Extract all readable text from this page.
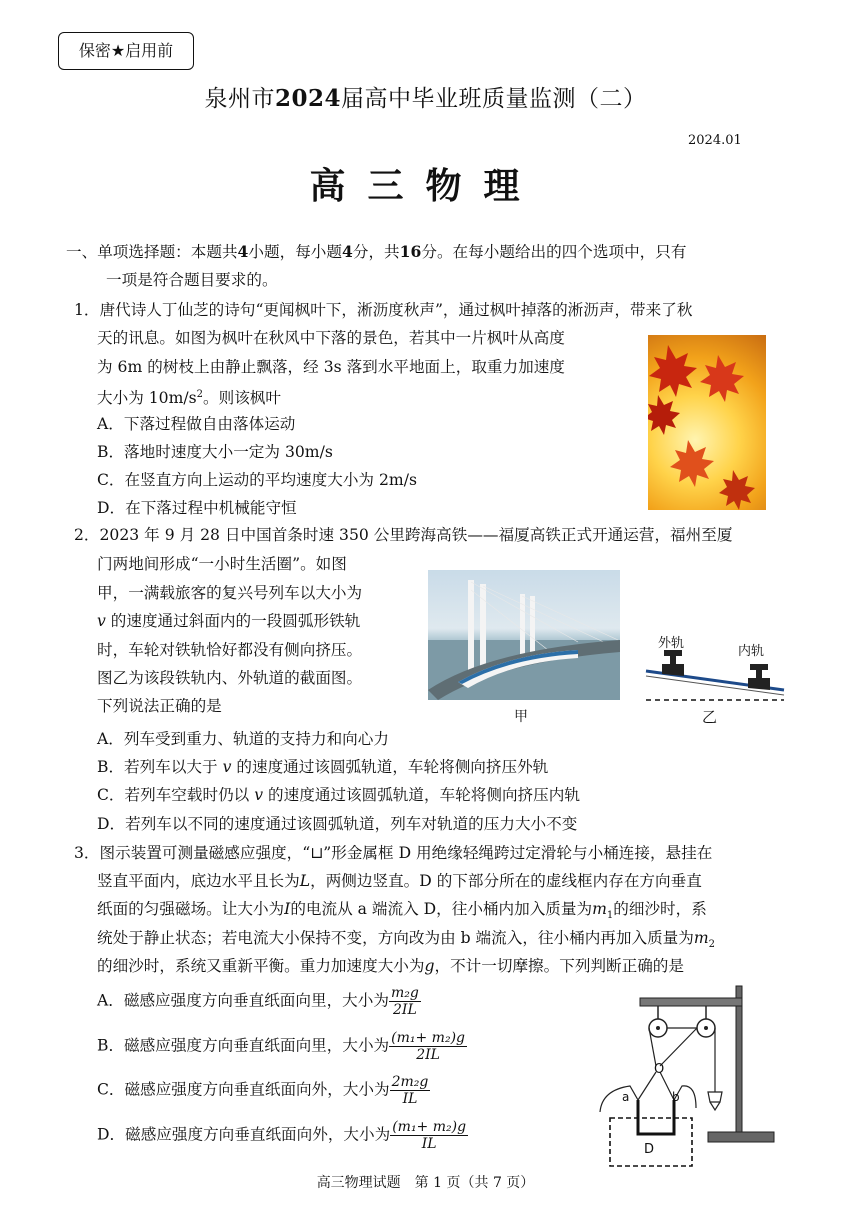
保密★启用前
泉州市2024届高中毕业班质量监测（二）
2024.01
高三物理
一、单项选择题：本题共4小题，每小题4分，共16分。在每小题给出的四个选项中，只有
一项是符合题目要求的。
1．唐代诗人丁仙芝的诗句“更闻枫叶下，淅沥度秋声”，通过枫叶掉落的淅沥声，带来了秋
天的讯息。如图为枫叶在秋风中下落的景色，若其中一片枫叶从高度
为 6m 的树枝上由静止飘落，经 3s 落到水平地面上，取重力加速度
大小为 $10m/s^2$。则该枫叶
A．下落过程做自由落体运动
B．落地时速度大小一定为 30m/s
C．在竖直方向上运动的平均速度大小为 2m/s
D．在下落过程中机械能守恒
2．2023 年 9 月 28 日中国首条时速 350 公里跨海高铁——福厦高铁正式开通运营，福州至厦
门两地间形成“一小时生活圈”。如图
甲，一满载旅客的复兴号列车以大小为
v 的速度通过斜面内的一段圆弧形铁轨
时，车轮对铁轨恰好都没有侧向挤压。
图乙为该段铁轨内、外轨道的截面图。
下列说法正确的是
甲
外轨
内轨
乙
A．列车受到重力、轨道的支持力和向心力
B．若列车以大于 v 的速度通过该圆弧轨道，车轮将侧向挤压外轨
C．若列车空载时仍以 v 的速度通过该圆弧轨道，车轮将侧向挤压内轨
D．若列车以不同的速度通过该圆弧轨道，列车对轨道的压力大小不变
3．图示装置可测量磁感应强度，“⊔”形金属框 D 用绝缘轻绳跨过定滑轮与小桶连接，悬挂在
竖直平面内，底边水平且长为L，两侧边竖直。D 的下部分所在的虚线框内存在方向垂直
纸面的匀强磁场。让大小为I的电流从 a 端流入 D，往小桶内加入质量为$m_1$的细沙时，系
统处于静止状态；若电流大小保持不变，方向改为由 b 端流入，往小桶内再加入质量为$m_2$
的细沙时，系统又重新平衡。重力加速度大小为g，不计一切摩擦。下列判断正确的是
A．磁感应强度方向垂直纸面向里，大小为 $\frac{\text{m₂g}}{2IL}$
B．磁感应强度方向垂直纸面向里，大小为 $\frac{\text{(m₁+ m₂)g}}{2IL}$
C．磁感应强度方向垂直纸面向外，大小为 $\frac{\text{2m₂g}}{IL}$
D．磁感应强度方向垂直纸面向外，大小为 $\frac{\text{(m₁+ m₂)g}}{IL}$
O
a	b
D
高三物理试题　第 1 页（共 7 页）
